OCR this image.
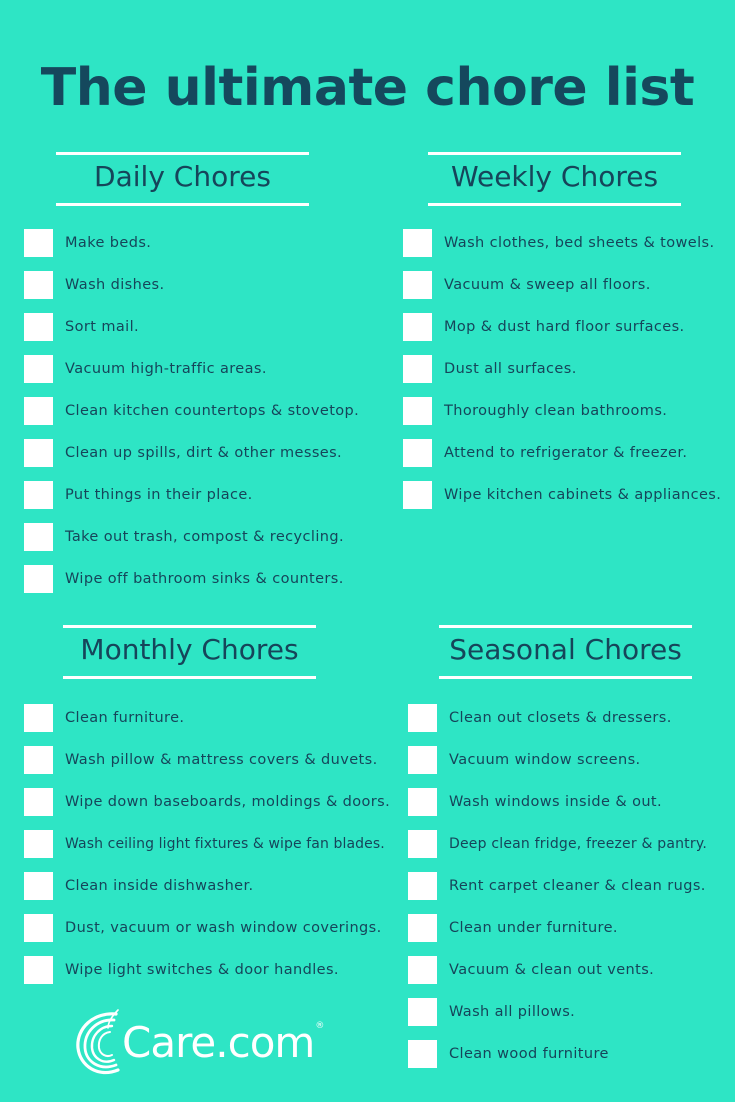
The ultimate chore list
Daily Chores
Make beds.
Wash dishes.
Sort mail.
Vacuum high-traffic areas.
Clean kitchen countertops & stovetop.
Clean up spills, dirt & other messes.
Put things in their place.
Take out trash, compost & recycling.
Wipe off bathroom sinks & counters.
Weekly Chores
Wash clothes, bed sheets & towels.
Vacuum & sweep all floors.
Mop & dust hard floor surfaces.
Dust all surfaces.
Thoroughly clean bathrooms.
Attend to refrigerator & freezer.
Wipe kitchen cabinets & appliances.
Monthly Chores
Clean furniture.
Wash pillow & mattress covers & duvets.
Wipe down baseboards, moldings & doors.
Wash ceiling light fixtures & wipe fan blades.
Clean inside dishwasher.
Dust, vacuum or wash window coverings.
Wipe light switches & door handles.
Seasonal Chores
Clean out closets & dressers.
Vacuum window screens.
Wash windows inside & out.
Deep clean fridge, freezer & pantry.
Rent carpet cleaner & clean rugs.
Clean under furniture.
Vacuum & clean out vents.
Wash all pillows.
Clean wood furniture
Care.com®
